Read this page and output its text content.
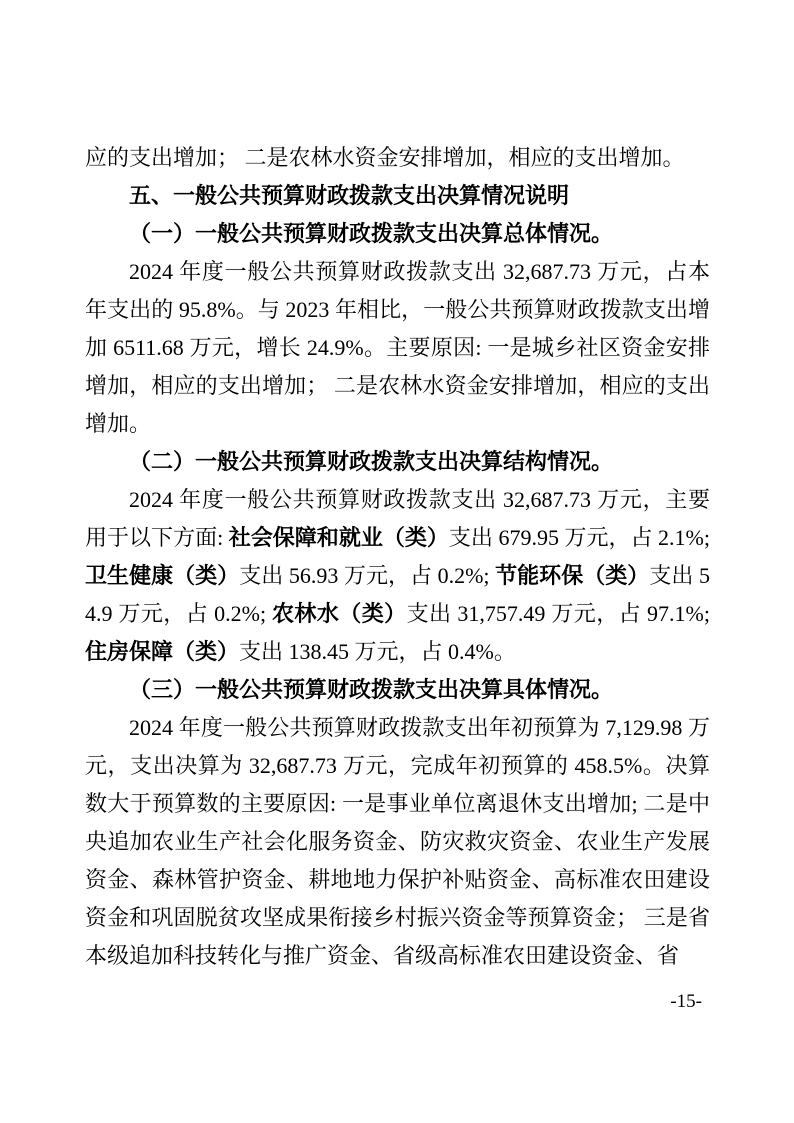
应的支出增加； 二是农林水资金安排增加，相应的支出增加。

五、一般公共预算财政拨款支出决算情况说明

（一）一般公共预算财政拨款支出决算总体情况。

2024 年度一般公共预算财政拨款支出 32,687.73 万元，占本年支出的 95.8%。与 2023 年相比，一般公共预算财政拨款支出增加 6511.68 万元，增长 24.9%。主要原因: 一是城乡社区资金安排增加，相应的支出增加； 二是农林水资金安排增加，相应的支出增加。

（二）一般公共预算财政拨款支出决算结构情况。

2024 年度一般公共预算财政拨款支出 32,687.73 万元，主要用于以下方面: 社会保障和就业（类）支出 679.95 万元，占 2.1%; 卫生健康（类）支出 56.93 万元，占 0.2%; 节能环保（类）支出 54.9 万元，占 0.2%; 农林水（类）支出 31,757.49 万元，占 97.1%; 住房保障（类）支出 138.45 万元，占 0.4%。

（三）一般公共预算财政拨款支出决算具体情况。

2024 年度一般公共预算财政拨款支出年初预算为 7,129.98 万元，支出决算为 32,687.73 万元，完成年初预算的 458.5%。决算数大于预算数的主要原因: 一是事业单位离退休支出增加; 二是中央追加农业生产社会化服务资金、防灾救灾资金、农业生产发展资金、森林管护资金、耕地地力保护补贴资金、高标准农田建设资金和巩固脱贫攻坚成果衔接乡村振兴资金等预算资金； 三是省本级追加科技转化与推广资金、省级高标准农田建设资金、省

-15-
